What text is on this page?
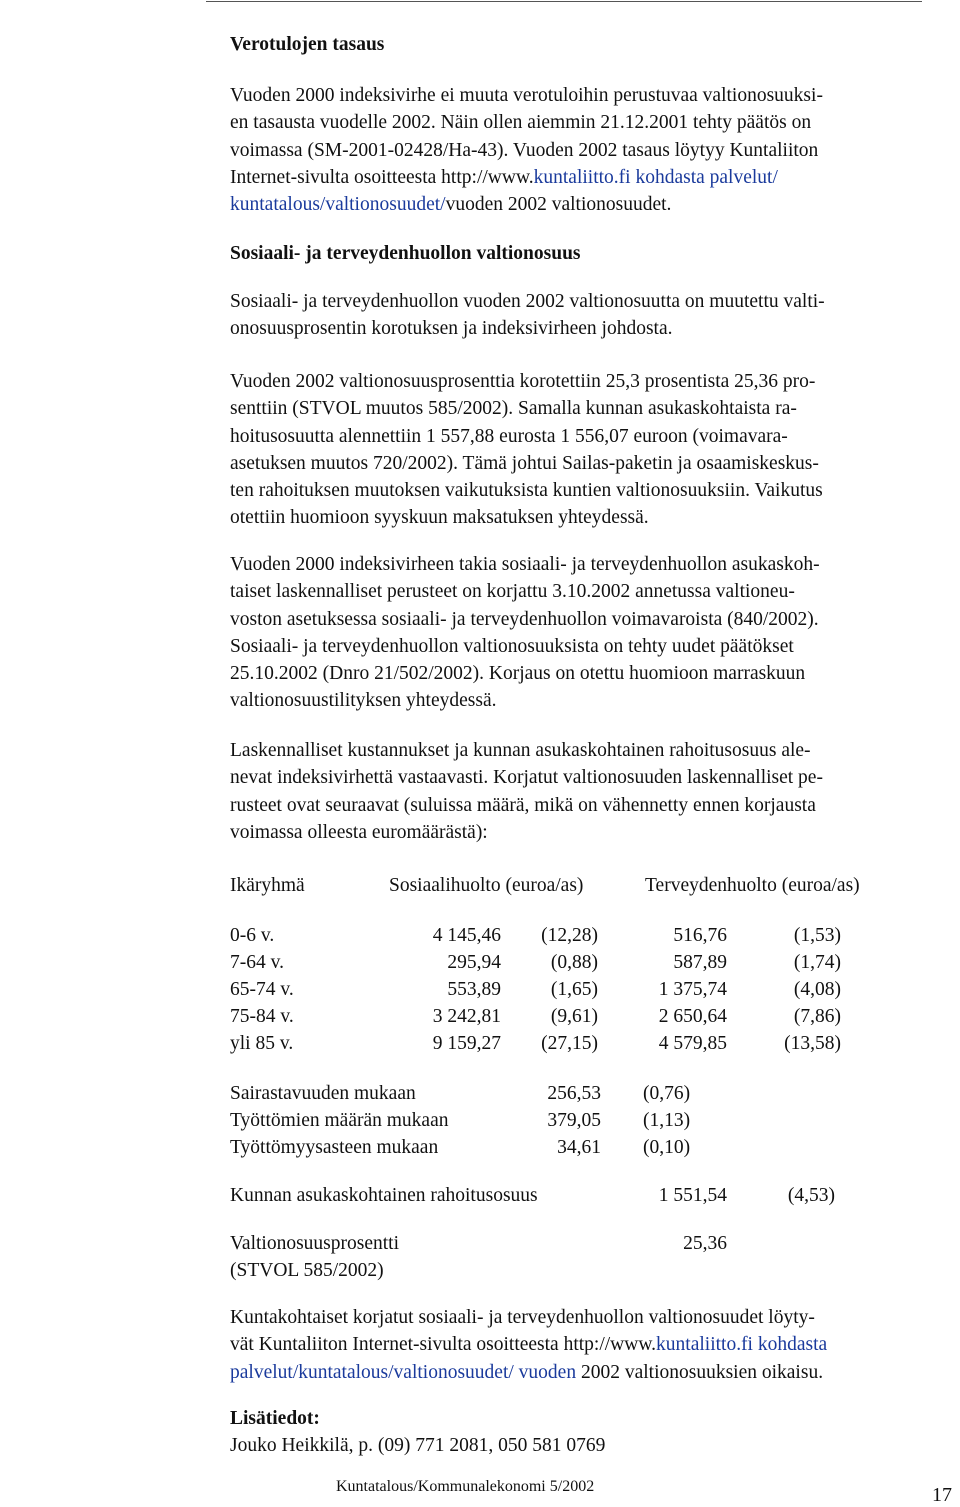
Verotulojen tasaus
Vuoden 2000 indeksivirhe ei muuta verotuloihin perustuvaa valtionosuuksi-
en tasausta vuodelle 2002. Näin ollen aiemmin 21.12.2001 tehty päätös on
voimassa (SM-2001-02428/Ha-43). Vuoden 2002 tasaus löytyy Kuntaliiton
Internet-sivulta osoitteesta http://www.kuntaliitto.fi kohdasta palvelut/
kuntatalous/valtionosuudet/vuoden 2002 valtionosuudet.
Sosiaali- ja terveydenhuollon valtionosuus
Sosiaali- ja terveydenhuollon vuoden 2002 valtionosuutta on muutettu valti-
onosuusprosentin korotuksen ja indeksivirheen johdosta.
Vuoden 2002 valtionosuusprosenttia korotettiin 25,3 prosentista 25,36 pro-
senttiin (STVOL muutos 585/2002). Samalla kunnan asukaskohtaista ra-
hoitusosuutta alennettiin 1 557,88 eurosta 1 556,07 euroon (voimavara-
asetuksen muutos 720/2002). Tämä johtui Sailas-paketin ja osaamiskeskus-
ten rahoituksen muutoksen vaikutuksista kuntien valtionosuuksiin. Vaikutus
otettiin huomioon syyskuun maksatuksen yhteydessä.
Vuoden 2000 indeksivirheen takia sosiaali- ja terveydenhuollon asukaskoh-
taiset laskennalliset perusteet on korjattu 3.10.2002 annetussa valtioneu-
voston asetuksessa sosiaali- ja terveydenhuollon voimavaroista (840/2002).
Sosiaali- ja terveydenhuollon valtionosuuksista on tehty uudet päätökset
25.10.2002 (Dnro 21/502/2002). Korjaus on otettu huomioon marraskuun
valtionosuustilityksen yhteydessä.
Laskennalliset kustannukset ja kunnan asukaskohtainen rahoitusosuus ale-
nevat indeksivirhettä vastaavasti. Korjatut valtionosuuden laskennalliset pe-
rusteet ovat seuraavat (suluissa määrä, mikä on vähennetty ennen korjausta
voimassa olleesta euromäärästä):
Ikäryhmä	Sosiaalihuolto (euroa/as)	Terveydenhuolto (euroa/as)
0-6 v.	4 145,46	(12,28)	516,76	(1,53)
7-64 v.	295,94	(0,88)	587,89	(1,74)
65-74 v.	553,89	(1,65)	1 375,74	(4,08)
75-84 v.	3 242,81	(9,61)	2 650,64	(7,86)
yli 85 v.	9 159,27	(27,15)	4 579,85	(13,58)
Sairastavuuden mukaan	256,53 (0,76)
Työttömien määrän mukaan	379,05 (1,13)
Työttömyysasteen mukaan	34,61 (0,10)
Kunnan asukaskohtainen rahoitusosuus	1 551,54	(4,53)
Valtionosuusprosentti	25,36
(STVOL 585/2002)
Kuntakohtaiset korjatut sosiaali- ja terveydenhuollon valtionosuudet löyty-
vät Kuntaliiton Internet-sivulta osoitteesta http://www.kuntaliitto.fi kohdasta
palvelut/kuntatalous/valtionosuudet/ vuoden 2002 valtionosuuksien oikaisu.
Lisätiedot:
Jouko Heikkilä, p. (09) 771 2081, 050 581 0769
Kuntatalous/Kommunalekonomi 5/2002	17
